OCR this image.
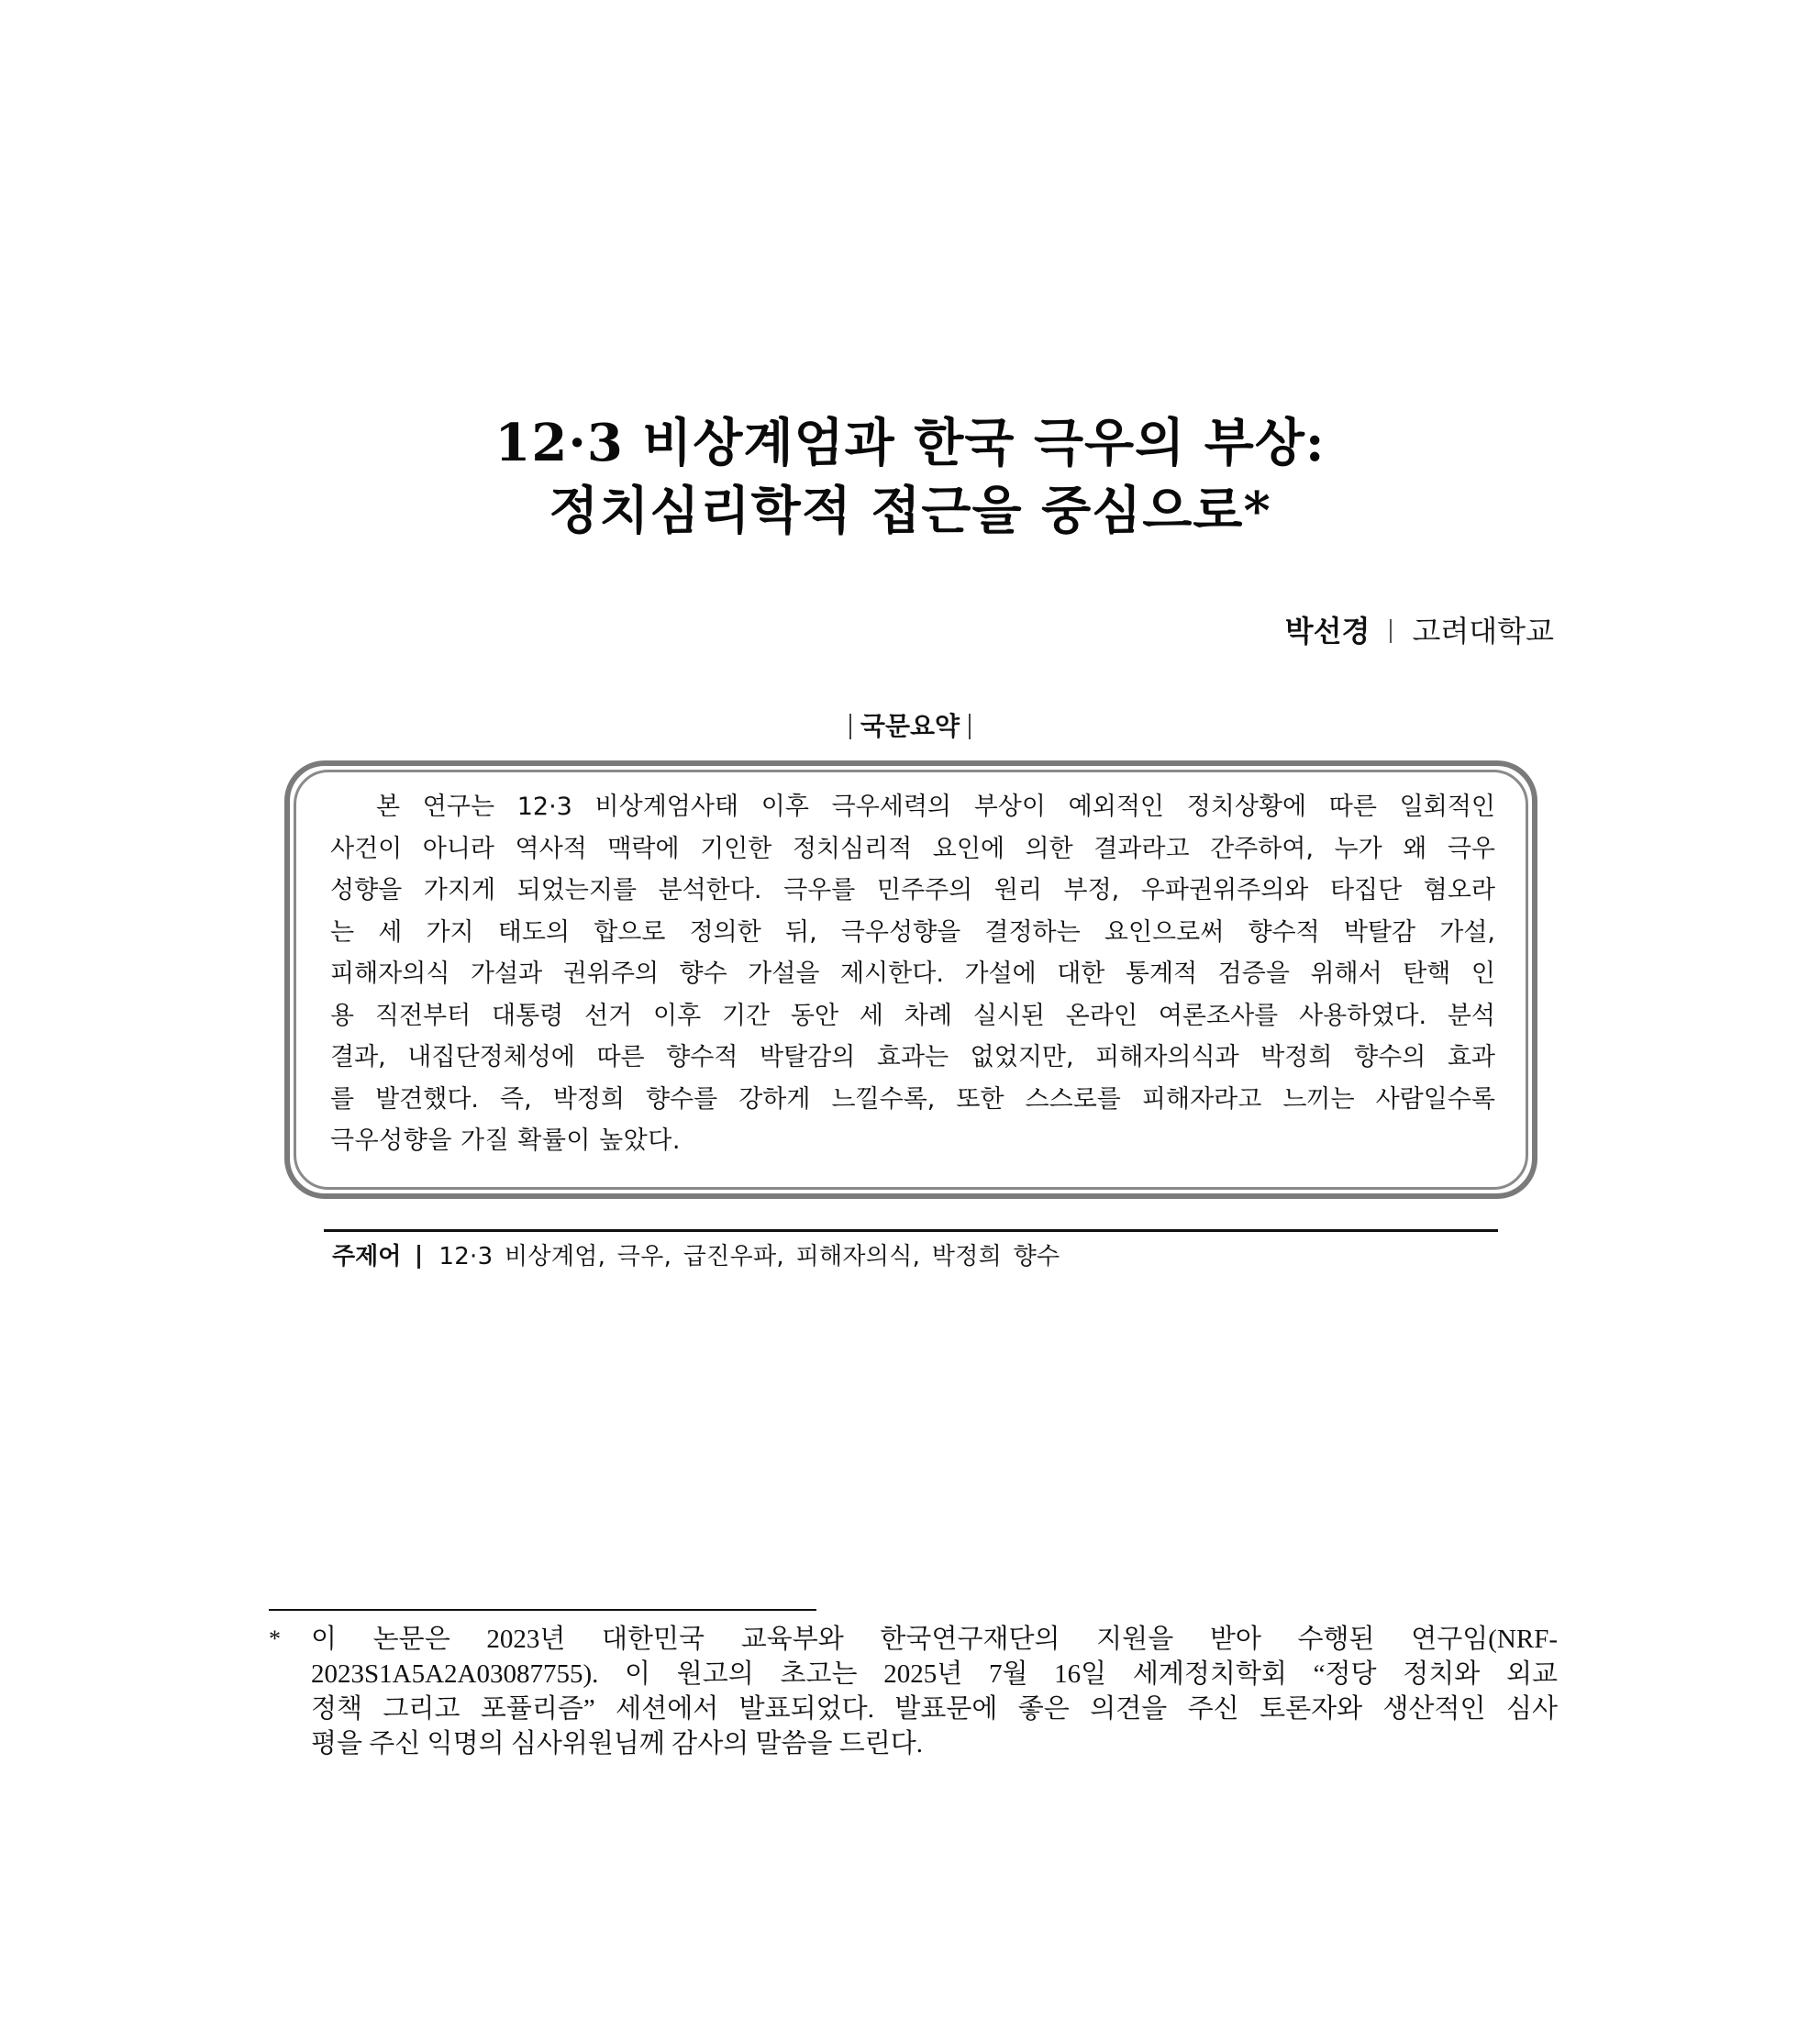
12·3 비상계엄과 한국 극우의 부상:
정치심리학적 접근을 중심으로*
박선경 고려대학교
국문요약
본 연구는 12·3 비상계엄사태 이후 극우세력의 부상이 예외적인 정치상황에 따른 일회적인
사건이 아니라 역사적 맥락에 기인한 정치심리적 요인에 의한 결과라고 간주하여, 누가 왜 극우
성향을 가지게 되었는지를 분석한다. 극우를 민주주의 원리 부정, 우파권위주의와 타집단 혐오라
는 세 가지 태도의 합으로 정의한 뒤, 극우성향을 결정하는 요인으로써 향수적 박탈감 가설,
피해자의식 가설과 권위주의 향수 가설을 제시한다. 가설에 대한 통계적 검증을 위해서 탄핵 인
용 직전부터 대통령 선거 이후 기간 동안 세 차례 실시된 온라인 여론조사를 사용하였다. 분석
결과, 내집단정체성에 따른 향수적 박탈감의 효과는 없었지만, 피해자의식과 박정희 향수의 효과
를 발견했다. 즉, 박정희 향수를 강하게 느낄수록, 또한 스스로를 피해자라고 느끼는 사람일수록
극우성향을 가질 확률이 높았다.
주제어 12·3 비상계엄, 극우, 급진우파, 피해자의식, 박정희 향수
* 이 논문은 2023년 대한민국 교육부와 한국연구재단의 지원을 받아 수행된 연구임(NRF-
2023S1A5A2A03087755). 이 원고의 초고는 2025년 7월 16일 세계정치학회 “정당 정치와 외교
정책 그리고 포퓰리즘” 세션에서 발표되었다. 발표문에 좋은 의견을 주신 토론자와 생산적인 심사
평을 주신 익명의 심사위원님께 감사의 말씀을 드린다.
